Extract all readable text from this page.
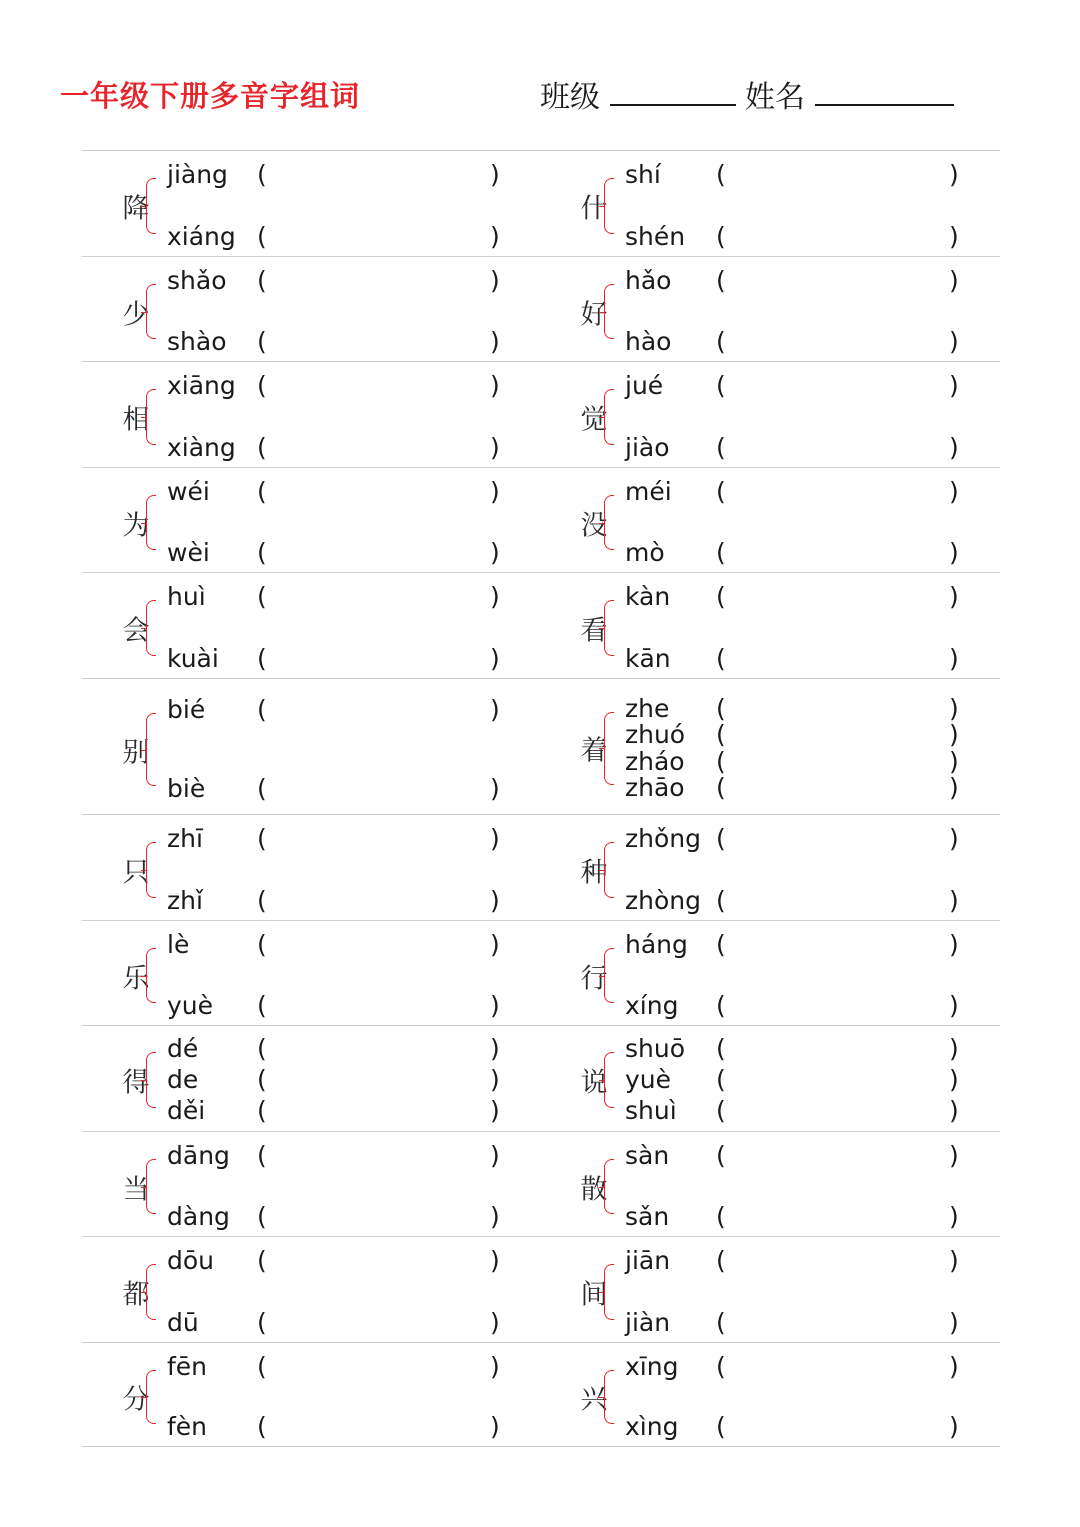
一年级下册多音字组词	班级	姓名
降
jiàng (	)
xiáng (	)
什
shí (	)
shén (	)
少
shǎo (	)
shào (	)
好
hǎo (	)
hào (	)
相
xiāng (	)
xiàng (	)
觉
jué (	)
jiào (	)
为
wéi (	)
wèi (	)
没
méi (	)
mò (	)
会
huì (	)
kuài (	)
看
kàn (	)
kān (	)
别
bié (	)
biè (	)
着
zhe (	)
zhuó (	)
zháo (	)
zhāo (	)
只
zhī (	)
zhǐ (	)
种
zhǒng (	)
zhòng (	)
乐
lè	(	)
yuè (	)
行
háng (	)
xíng (	)
得
dé (	)
de (	)
děi (	)
说
shuō (	)
yuè (	)
shuì (	)
当
dāng (	)
dàng (	)
散
sàn (	)
sǎn (	)
都
dōu (	)
dū (	)
间
jiān (	)
jiàn (	)
分
fēn (	)
fèn (	)
兴
xīng (	)
xìng (	)
